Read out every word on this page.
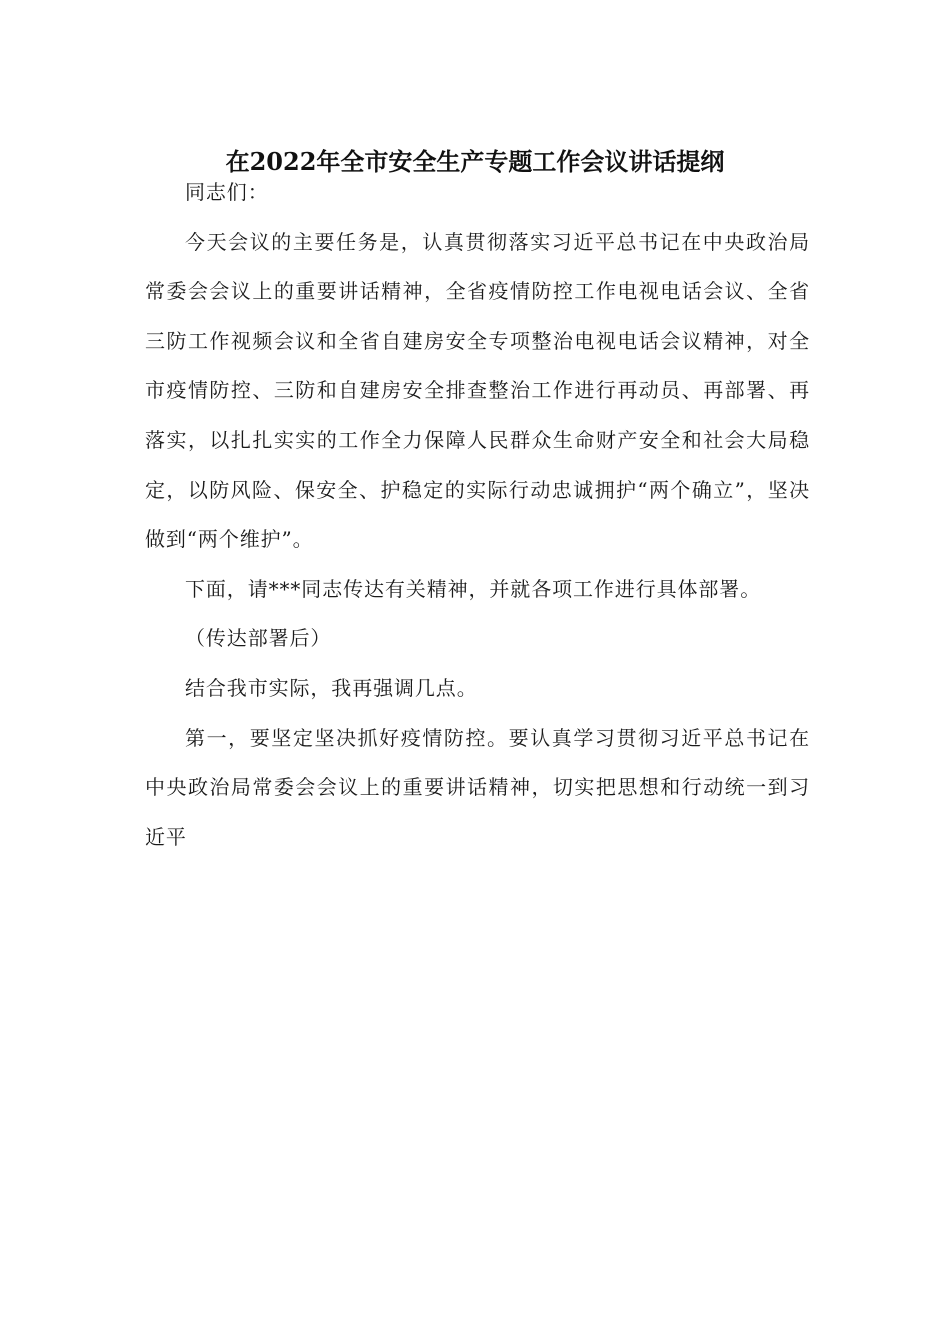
在2022年全市安全生产专题工作会议讲话提纲

同志们：

今天会议的主要任务是，认真贯彻落实习近平总书记在中央政治局常委会会议上的重要讲话精神，全省疫情防控工作电视电话会议、全省三防工作视频会议和全省自建房安全专项整治电视电话会议精神，对全市疫情防控、三防和自建房安全排查整治工作进行再动员、再部署、再落实，以扎扎实实的工作全力保障人民群众生命财产安全和社会大局稳定，以防风险、保安全、护稳定的实际行动忠诚拥护“两个确立”，坚决做到“两个维护”。

下面，请***同志传达有关精神，并就各项工作进行具体部署。

（传达部署后）

结合我市实际，我再强调几点。

第一，要坚定坚决抓好疫情防控。要认真学习贯彻习近平总书记在中央政治局常委会会议上的重要讲话精神，切实把思想和行动统一到习近平
